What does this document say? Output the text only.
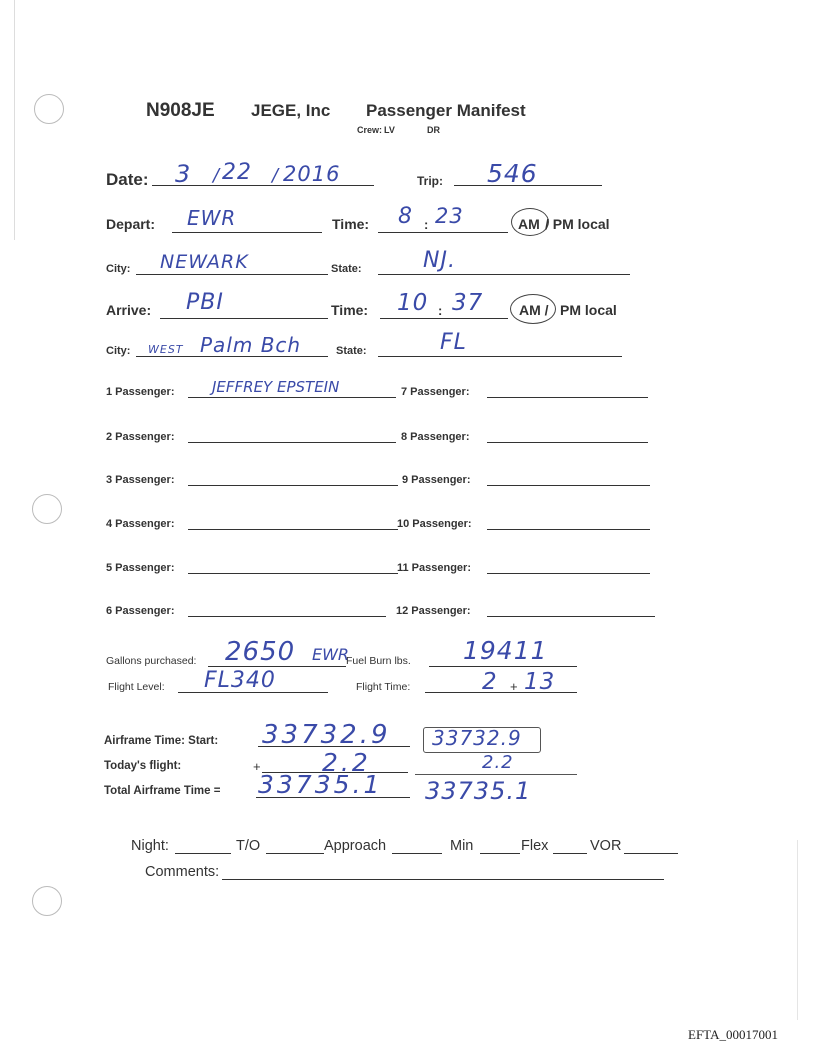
N908JE JEGE, Inc Passenger Manifest
Crew: LV	DR
Date: 3 / 22 / 2016	Trip: 546
Depart: EWR	Time: 8 : 23	AM / PM local
City: NEWARK	State:	NJ.
Arrive: PBI	Time: 10 : 37	AM / PM local
City: WEST Palm Bch	State:	FL
1 Passenger:	JEFFREY EPSTEIN	7 Passenger:
2 Passenger:	8 Passenger:
3 Passenger:	9 Passenger:
4 Passenger:	10 Passenger:
5 Passenger:	11 Passenger:
6 Passenger:	12 Passenger:
Gallons purchased: 2650 EWR
Fuel Burn lbs. 19411
Flight Level: FL340	Flight Time:	2 + 13
Airframe Time: Start: 33732.9 33732.9
Today's flight:	+ 2.2	2.2
Total Airframe Time = 33735.1 33735.1
Night:	T/O	Approach	Min	Flex	VOR
Comments:
EFTA_00017001
